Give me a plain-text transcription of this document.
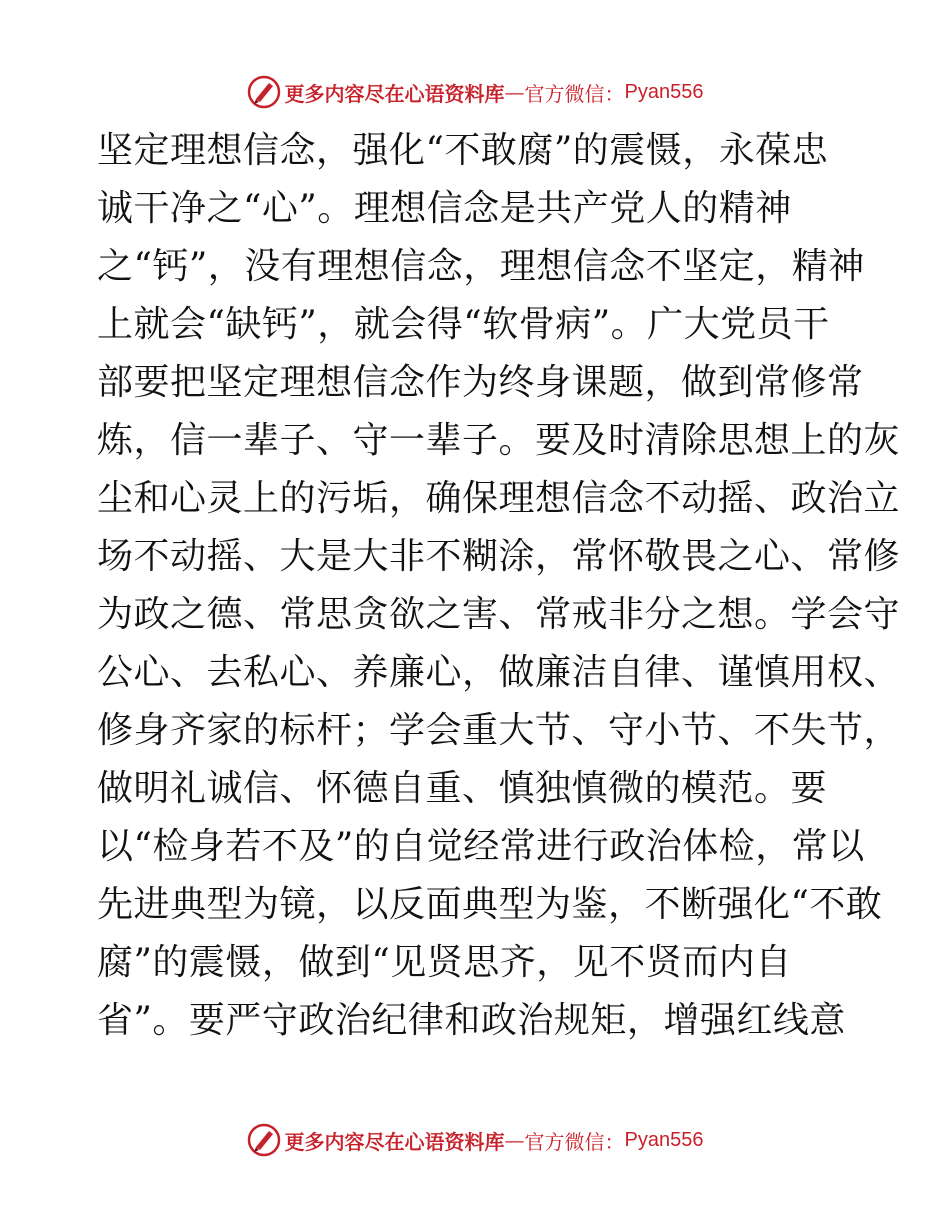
更多内容尽在心语资料库 — 官方微信： Pyan556
坚定理想信念，强化“不敢腐”的震慑，永葆忠
诚干净之“心”。理想信念是共产党人的精神
之“钙”，没有理想信念，理想信念不坚定，精神
上就会“缺钙”，就会得“软骨病”。广大党员干
部要把坚定理想信念作为终身课题，做到常修常
炼，信一辈子、守一辈子。要及时清除思想上的灰
尘和心灵上的污垢，确保理想信念不动摇、政治立
场不动摇、大是大非不糊涂，常怀敬畏之心、常修
为政之德、常思贪欲之害、常戒非分之想。学会守
公心、去私心、养廉心，做廉洁自律、谨慎用权、
修身齐家的标杆；学会重大节、守小节、不失节，
做明礼诚信、怀德自重、慎独慎微的模范。要
以“检身若不及”的自觉经常进行政治体检，常以
先进典型为镜，以反面典型为鉴，不断强化“不敢
腐”的震慑，做到“见贤思齐，见不贤而内自
省”。要严守政治纪律和政治规矩，增强红线意
更多内容尽在心语资料库 — 官方微信： Pyan556
